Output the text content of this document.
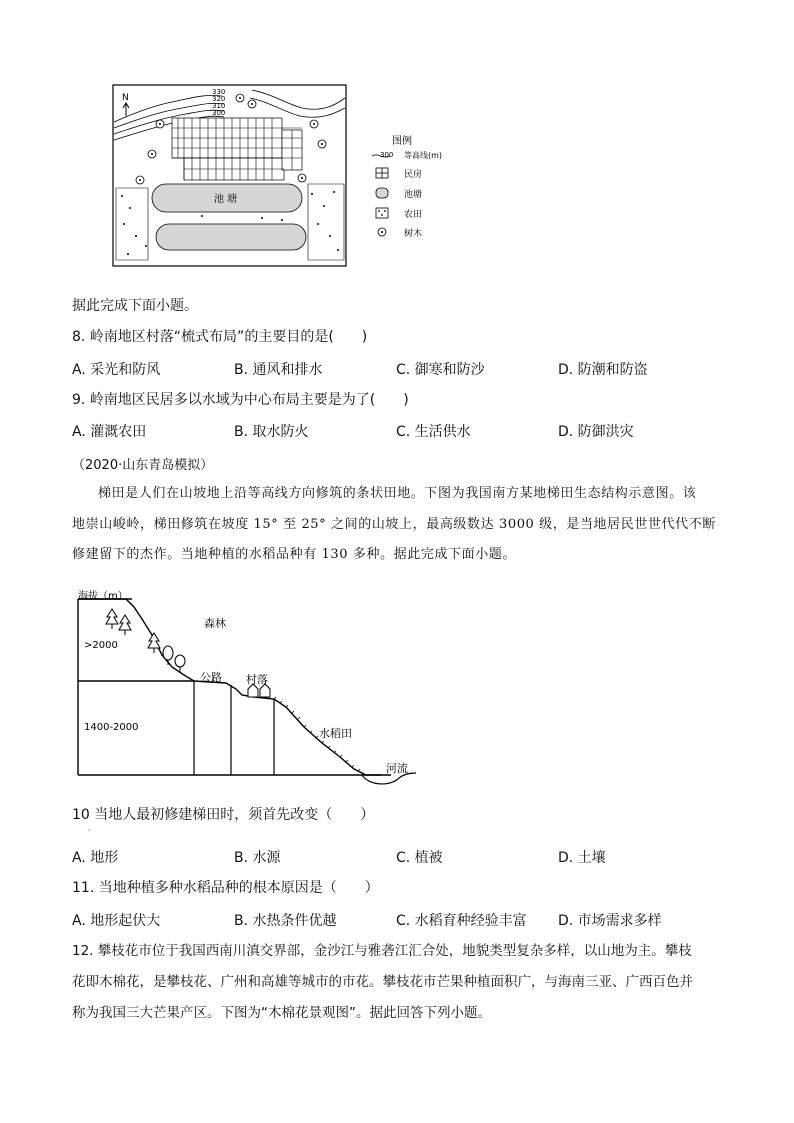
N
330
320
310
300
池 塘
图例
300 等高线(m)
民房
池塘
农田
树木
据此完成下面小题。
8. 岭南地区村落“梳式布局”的主要目的是(　　)
A. 采光和防风	B. 通风和排水	C. 御寒和防沙	D. 防潮和防盗
9. 岭南地区民居多以水域为中心布局主要是为了(　　)
A. 灌溉农田	B. 取水防火	C. 生活供水	D. 防御洪灾
（2020·山东青岛模拟）
梯田是人们在山坡地上沿等高线方向修筑的条状田地。下图为我国南方某地梯田生态结构示意图。该
地崇山峻岭，梯田修筑在坡度 15° 至 25° 之间的山坡上，最高级数达 3000 级，是当地居民世世代代不断
修建留下的杰作。当地种植的水稻品种有 130 多种。据此完成下面小题。
海拔（m）
>2000
1400-2000
森林
公路 村落
水稻田
河流
10 当地人最初修建梯田时，须首先改变（　　）
·
A. 地形	B. 水源	C. 植被	D. 土壤
11. 当地种植多种水稻品种的根本原因是（　　）
A. 地形起伏大	B. 水热条件优越	C. 水稻育种经验丰富 D. 市场需求多样
12. 攀枝花市位于我国西南川滇交界部，金沙江与雅砻江汇合处，地貌类型复杂多样，以山地为主。攀枝
花即木棉花，是攀枝花、广州和高雄等城市的市花。攀枝花市芒果种植面积广，与海南三亚、广西百色并
称为我国三大芒果产区。下图为“木棉花景观图”。据此回答下列小题。
